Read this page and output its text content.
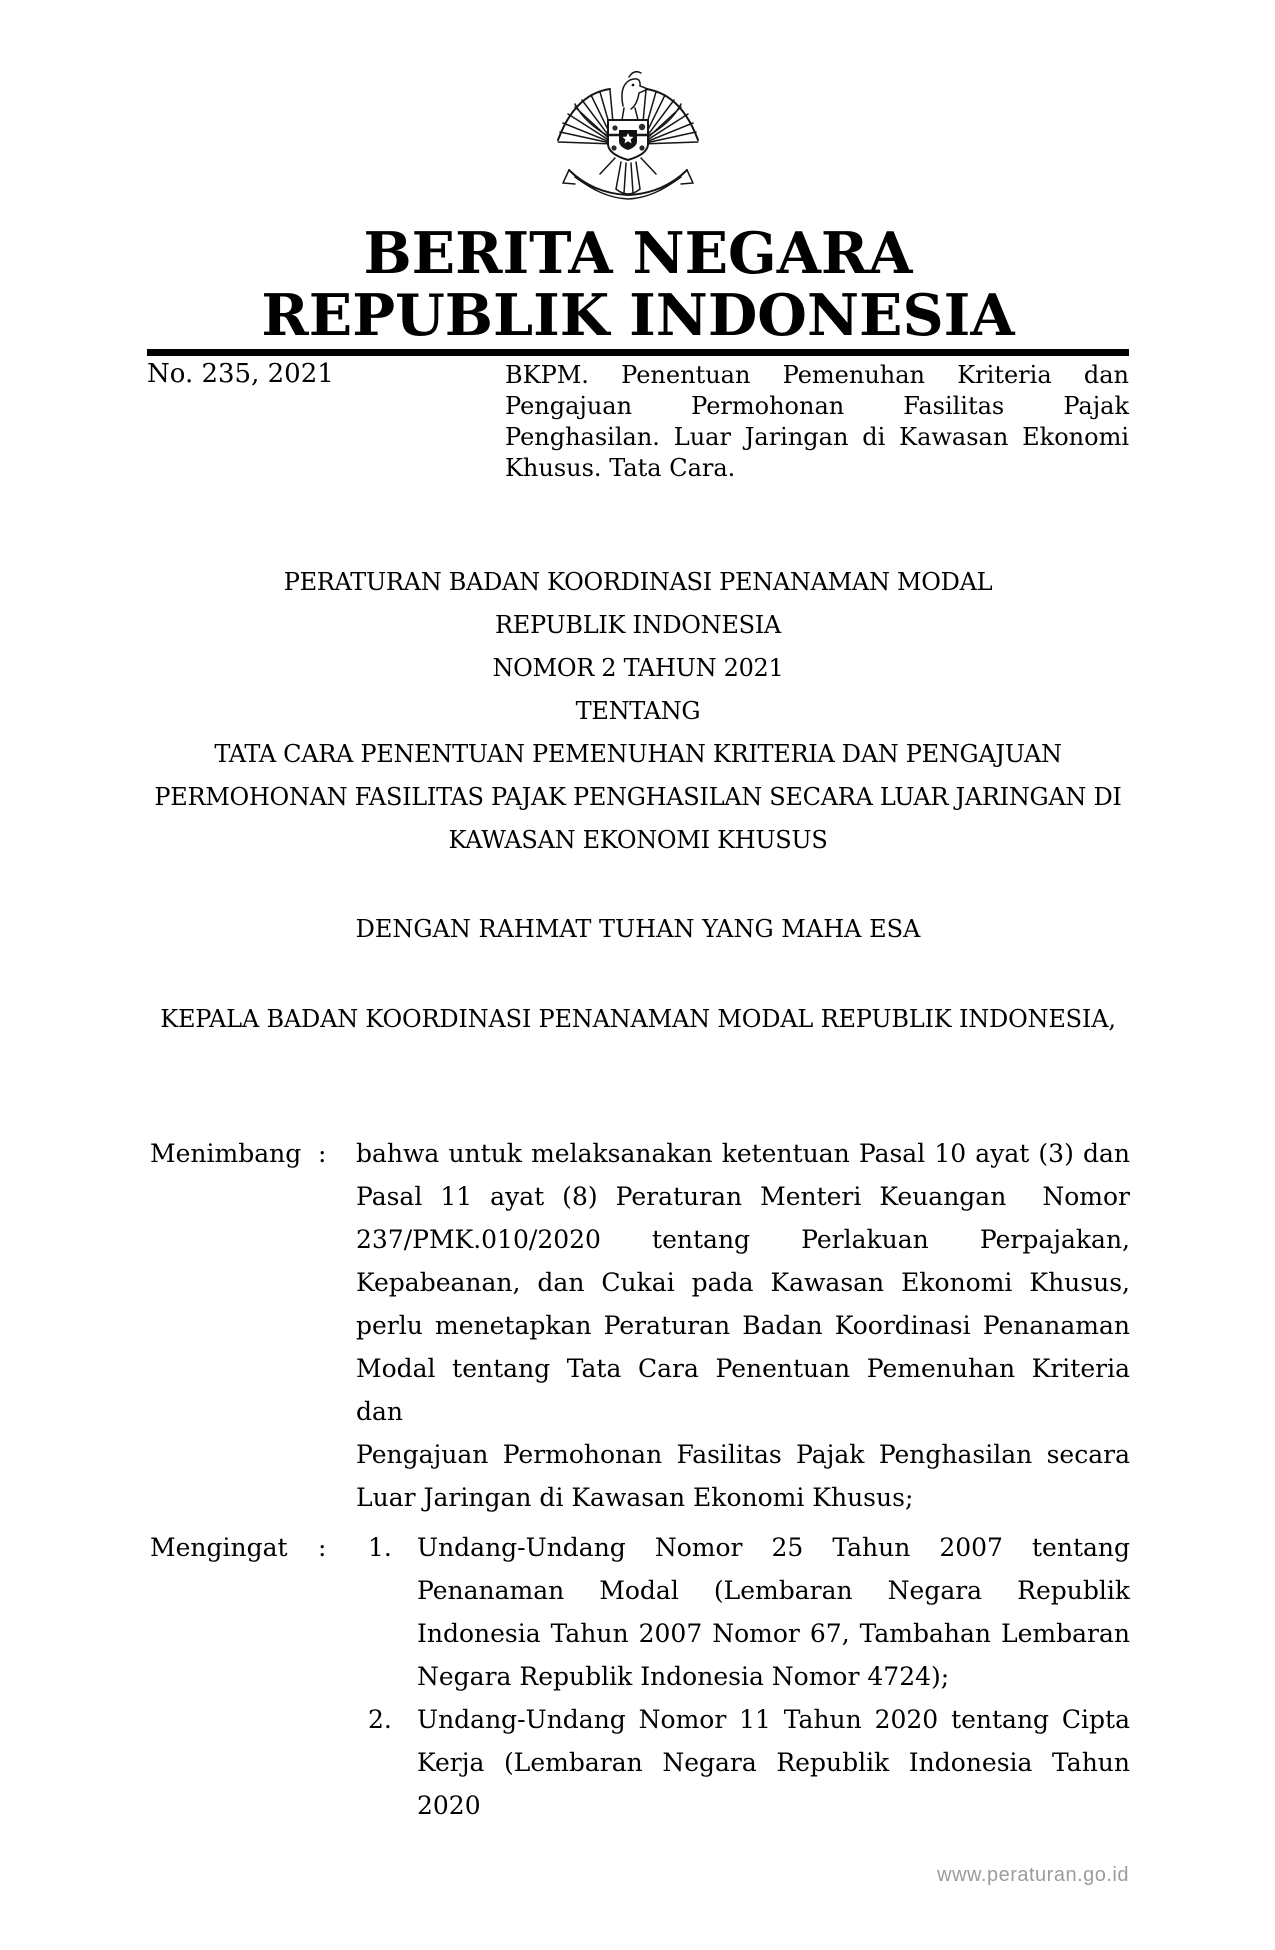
BERITA NEGARA
REPUBLIK INDONESIA
No. 235, 2021	BKPM. Penentuan Pemenuhan Kriteria dan
Pengajuan Permohonan Fasilitas Pajak
Penghasilan. Luar Jaringan di Kawasan Ekonomi
Khusus. Tata Cara.
PERATURAN BADAN KOORDINASI PENANAMAN MODAL
REPUBLIK INDONESIA
NOMOR 2 TAHUN 2021
TENTANG
TATA CARA PENENTUAN PEMENUHAN KRITERIA DAN PENGAJUAN
PERMOHONAN FASILITAS PAJAK PENGHASILAN SECARA LUAR JARINGAN DI
KAWASAN EKONOMI KHUSUS
DENGAN RAHMAT TUHAN YANG MAHA ESA
KEPALA BADAN KOORDINASI PENANAMAN MODAL REPUBLIK INDONESIA,
Menimbang : bahwa untuk melaksanakan ketentuan Pasal 10 ayat (3) dan
Pasal 11 ayat (8) Peraturan Menteri Keuangan  Nomor
237/PMK.010/2020 tentang Perlakuan Perpajakan,
Kepabeanan, dan Cukai pada Kawasan Ekonomi Khusus,
perlu menetapkan Peraturan Badan Koordinasi Penanaman
Modal tentang Tata Cara Penentuan Pemenuhan Kriteria dan
Pengajuan Permohonan Fasilitas Pajak Penghasilan secara
Luar Jaringan di Kawasan Ekonomi Khusus;
Mengingat : 1. Undang-Undang Nomor 25 Tahun 2007 tentang
Penanaman Modal (Lembaran Negara Republik
Indonesia Tahun 2007 Nomor 67, Tambahan Lembaran
Negara Republik Indonesia Nomor 4724);
2. Undang-Undang Nomor 11 Tahun 2020 tentang Cipta
Kerja (Lembaran Negara Republik Indonesia Tahun 2020
www.peraturan.go.id
